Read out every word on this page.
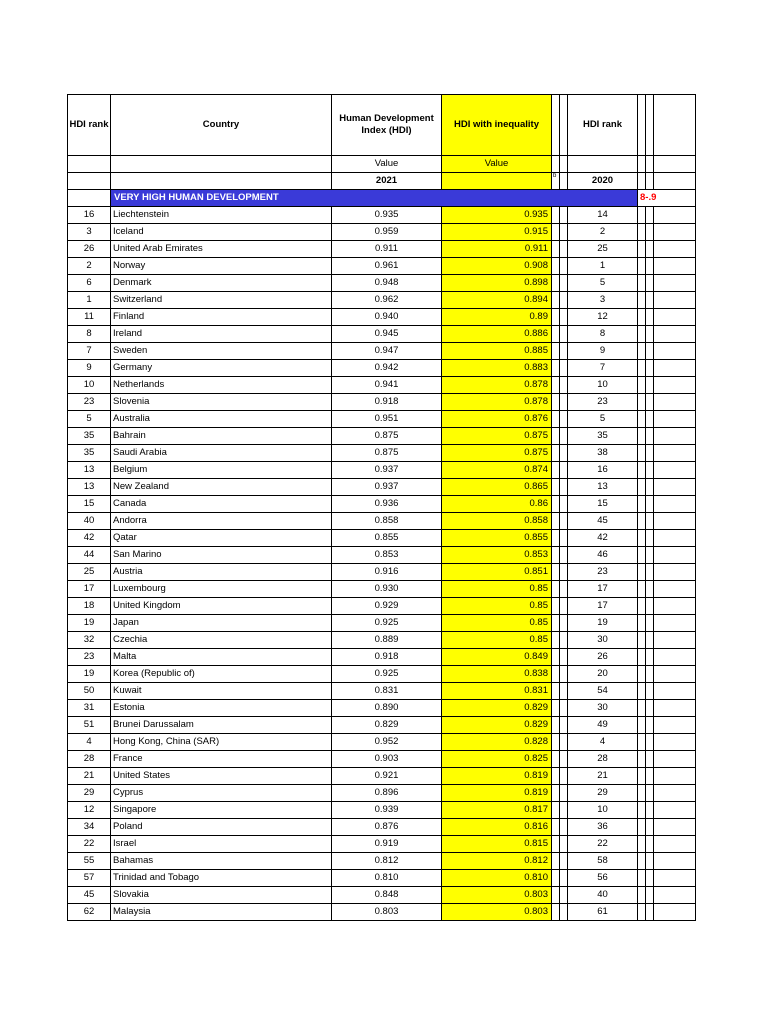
HDI rank	Country	Human Development Index (HDI)	HDI with inequality			HDI rank			
		Value	Value						
		2021		b		2020			
	VERY HIGH HUMAN DEVELOPMENT						8-.9		
16	Liechtenstein	0.935	0.935			14			
3	Iceland	0.959	0.915			2			
26	United Arab Emirates	0.911	0.911			25			
2	Norway	0.961	0.908			1			
6	Denmark	0.948	0.898			5			
1	Switzerland	0.962	0.894			3			
11	Finland	0.940	0.89			12			
8	Ireland	0.945	0.886			8			
7	Sweden	0.947	0.885			9			
9	Germany	0.942	0.883			7			
10	Netherlands	0.941	0.878			10			
23	Slovenia	0.918	0.878			23			
5	Australia	0.951	0.876			5			
35	Bahrain	0.875	0.875			35			
35	Saudi Arabia	0.875	0.875			38			
13	Belgium	0.937	0.874			16			
13	New Zealand	0.937	0.865			13			
15	Canada	0.936	0.86			15			
40	Andorra	0.858	0.858			45			
42	Qatar	0.855	0.855			42			
44	San Marino	0.853	0.853			46			
25	Austria	0.916	0.851			23			
17	Luxembourg	0.930	0.85			17			
18	United Kingdom	0.929	0.85			17			
19	Japan	0.925	0.85			19			
32	Czechia	0.889	0.85			30			
23	Malta	0.918	0.849			26			
19	Korea (Republic of)	0.925	0.838			20			
50	Kuwait	0.831	0.831			54			
31	Estonia	0.890	0.829			30			
51	Brunei Darussalam	0.829	0.829			49			
4	Hong Kong, China (SAR)	0.952	0.828			4			
28	France	0.903	0.825			28			
21	United States	0.921	0.819			21			
29	Cyprus	0.896	0.819			29			
12	Singapore	0.939	0.817			10			
34	Poland	0.876	0.816			36			
22	Israel	0.919	0.815			22			
55	Bahamas	0.812	0.812			58			
57	Trinidad and Tobago	0.810	0.810			56			
45	Slovakia	0.848	0.803			40			
62	Malaysia	0.803	0.803			61			
